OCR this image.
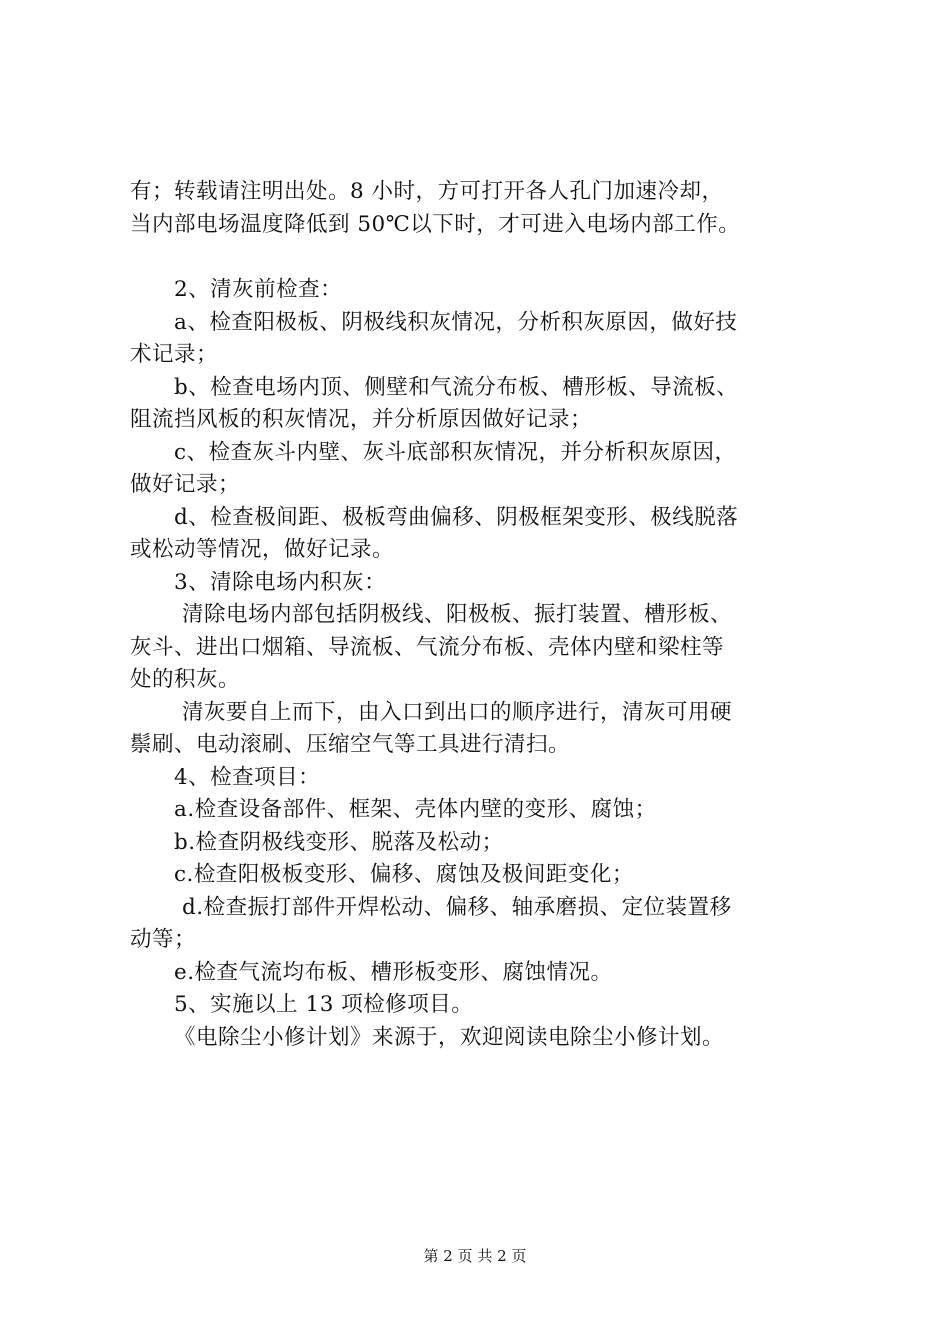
有；转载请注明出处。8 小时，方可打开各人孔门加速冷却，
当内部电场温度降低到 50℃以下时，才可进入电场内部工作。
2、清灰前检查：
a、检查阳极板、阴极线积灰情况，分析积灰原因，做好技
术记录；
b、检查电场内顶、侧壁和气流分布板、槽形板、导流板、
阻流挡风板的积灰情况，并分析原因做好记录；
c、检查灰斗内壁、灰斗底部积灰情况，并分析积灰原因，
做好记录；
d、检查极间距、极板弯曲偏移、阴极框架变形、极线脱落
或松动等情况，做好记录。
3、清除电场内积灰：
清除电场内部包括阴极线、阳极板、振打装置、槽形板、
灰斗、进出口烟箱、导流板、气流分布板、壳体内壁和梁柱等
处的积灰。
清灰要自上而下，由入口到出口的顺序进行，清灰可用硬
鬃刷、电动滚刷、压缩空气等工具进行清扫。
4、检查项目：
a.检查设备部件、框架、壳体内壁的变形、腐蚀；
b.检查阴极线变形、脱落及松动；
c.检查阳极板变形、偏移、腐蚀及极间距变化；
d.检查振打部件开焊松动、偏移、轴承磨损、定位装置移
动等；
e.检查气流均布板、槽形板变形、腐蚀情况。
5、实施以上 13 项检修项目。
《电除尘小修计划》来源于，欢迎阅读电除尘小修计划。
第 2 页 共 2 页
